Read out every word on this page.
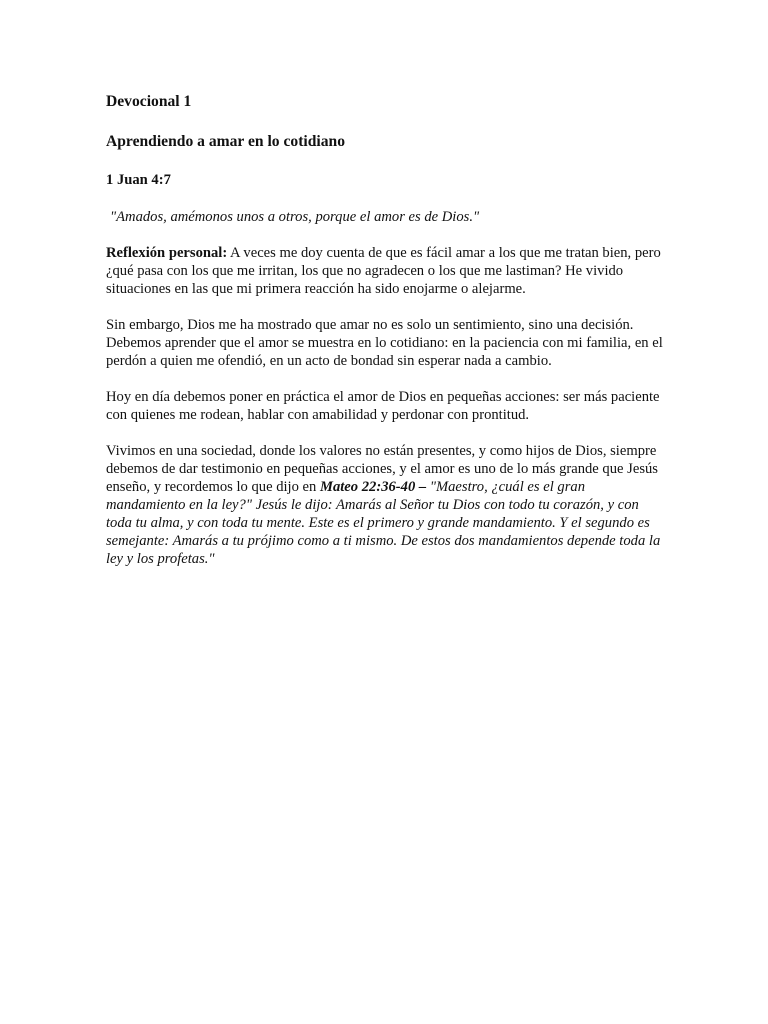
Devocional 1
Aprendiendo a amar en lo cotidiano
1 Juan 4:7
"Amados, amémonos unos a otros, porque el amor es de Dios."

Reflexión personal: A veces me doy cuenta de que es fácil amar a los que me tratan bien, pero ¿qué pasa con los que me irritan, los que no agradecen o los que me lastiman? He vivido situaciones en las que mi primera reacción ha sido enojarme o alejarme.

Sin embargo, Dios me ha mostrado que amar no es solo un sentimiento, sino una decisión. Debemos aprender que el amor se muestra en lo cotidiano: en la paciencia con mi familia, en el perdón a quien me ofendió, en un acto de bondad sin esperar nada a cambio.

Hoy en día debemos poner en práctica el amor de Dios en pequeñas acciones: ser más paciente con quienes me rodean, hablar con amabilidad y perdonar con prontitud.

Vivimos en una sociedad, donde los valores no están presentes, y como hijos de Dios, siempre debemos de dar testimonio en pequeñas acciones, y el amor es uno de lo más grande que Jesús enseño, y recordemos lo que dijo en Mateo 22:36-40 – "Maestro, ¿cuál es el gran mandamiento en la ley?" Jesús le dijo: Amarás al Señor tu Dios con todo tu corazón, y con toda tu alma, y con toda tu mente. Este es el primero y grande mandamiento. Y el segundo es semejante: Amarás a tu prójimo como a ti mismo. De estos dos mandamientos depende toda la ley y los profetas."
